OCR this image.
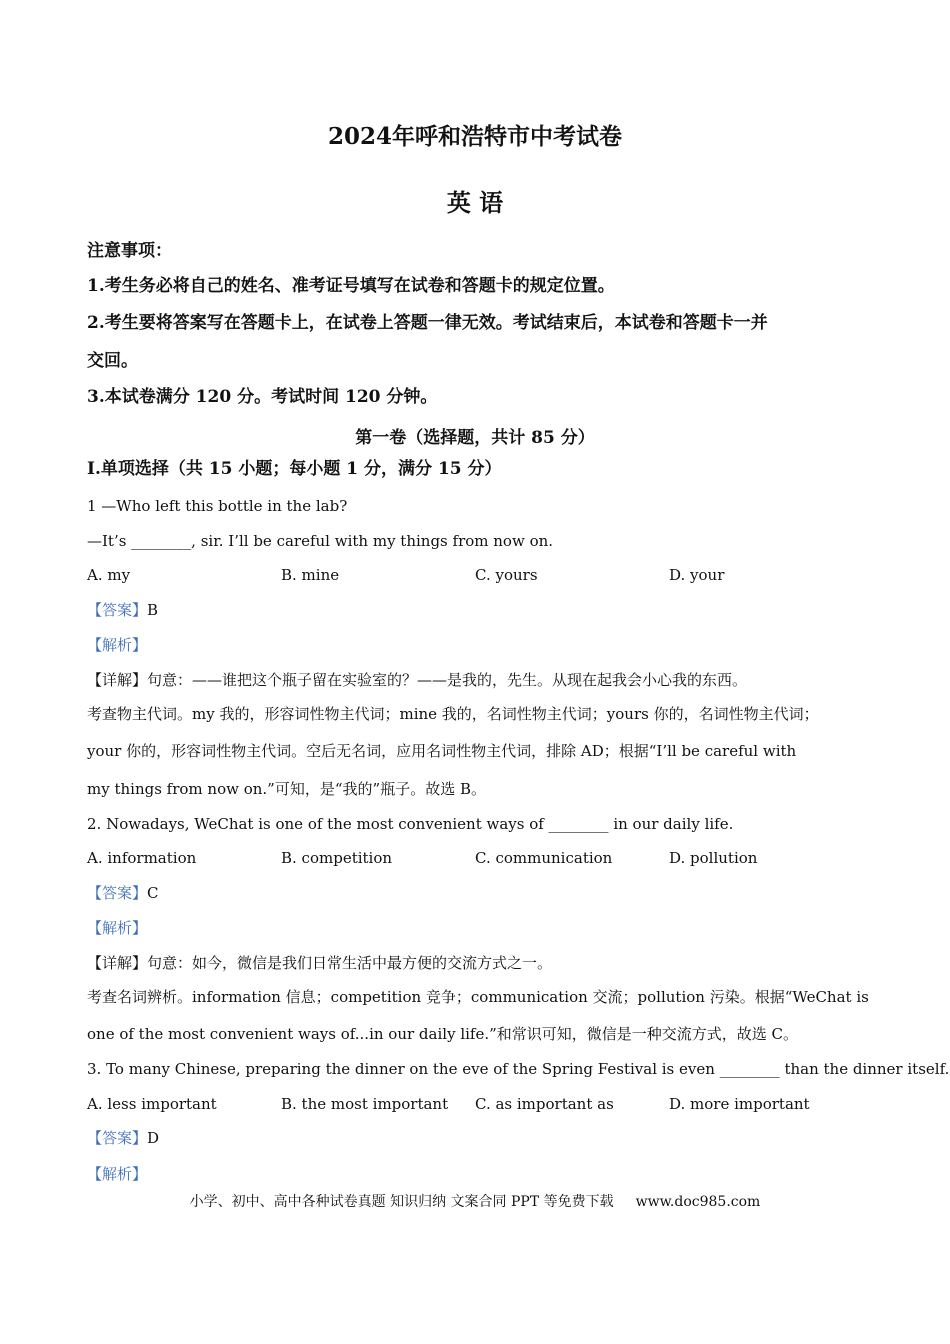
2024年呼和浩特市中考试卷
英 语
注意事项：
1.考生务必将自己的姓名、准考证号填写在试卷和答题卡的规定位置。
2.考生要将答案写在答题卡上，在试卷上答题一律无效。考试结束后，本试卷和答题卡一并
交回。
3.本试卷满分 120 分。考试时间 120 分钟。
第一卷（选择题，共计 85 分）
I.单项选择（共 15 小题；每小题 1 分，满分 15 分）
1 —Who left this bottle in the lab?
—It’s ________, sir. I’ll be careful with my things from now on.
A. my	B. mine	C. yours	D. your
【答案】B
【解析】
【详解】句意：——谁把这个瓶子留在实验室的？——是我的，先生。从现在起我会小心我的东西。
考查物主代词。my 我的，形容词性物主代词；mine 我的，名词性物主代词；yours 你的，名词性物主代词；
your 你的，形容词性物主代词。空后无名词，应用名词性物主代词，排除 AD；根据“I’ll be careful with
my things from now on.”可知，是“我的”瓶子。故选 B。
2. Nowadays, WeChat is one of the most convenient ways of ________ in our daily life.
A. information	B. competition	C. communication	D. pollution
【答案】C
【解析】
【详解】句意：如今，微信是我们日常生活中最方便的交流方式之一。
考查名词辨析。information 信息；competition 竞争；communication 交流；pollution 污染。根据“WeChat is
one of the most convenient ways of...in our daily life.”和常识可知，微信是一种交流方式，故选 C。
3. To many Chinese, preparing the dinner on the eve of the Spring Festival is even ________ than the dinner itself.
A. less important	B. the most important C. as important as	D. more important
【答案】D
【解析】
小学、初中、高中各种试卷真题 知识归纳 文案合同 PPT 等免费下载 www.doc985.com
